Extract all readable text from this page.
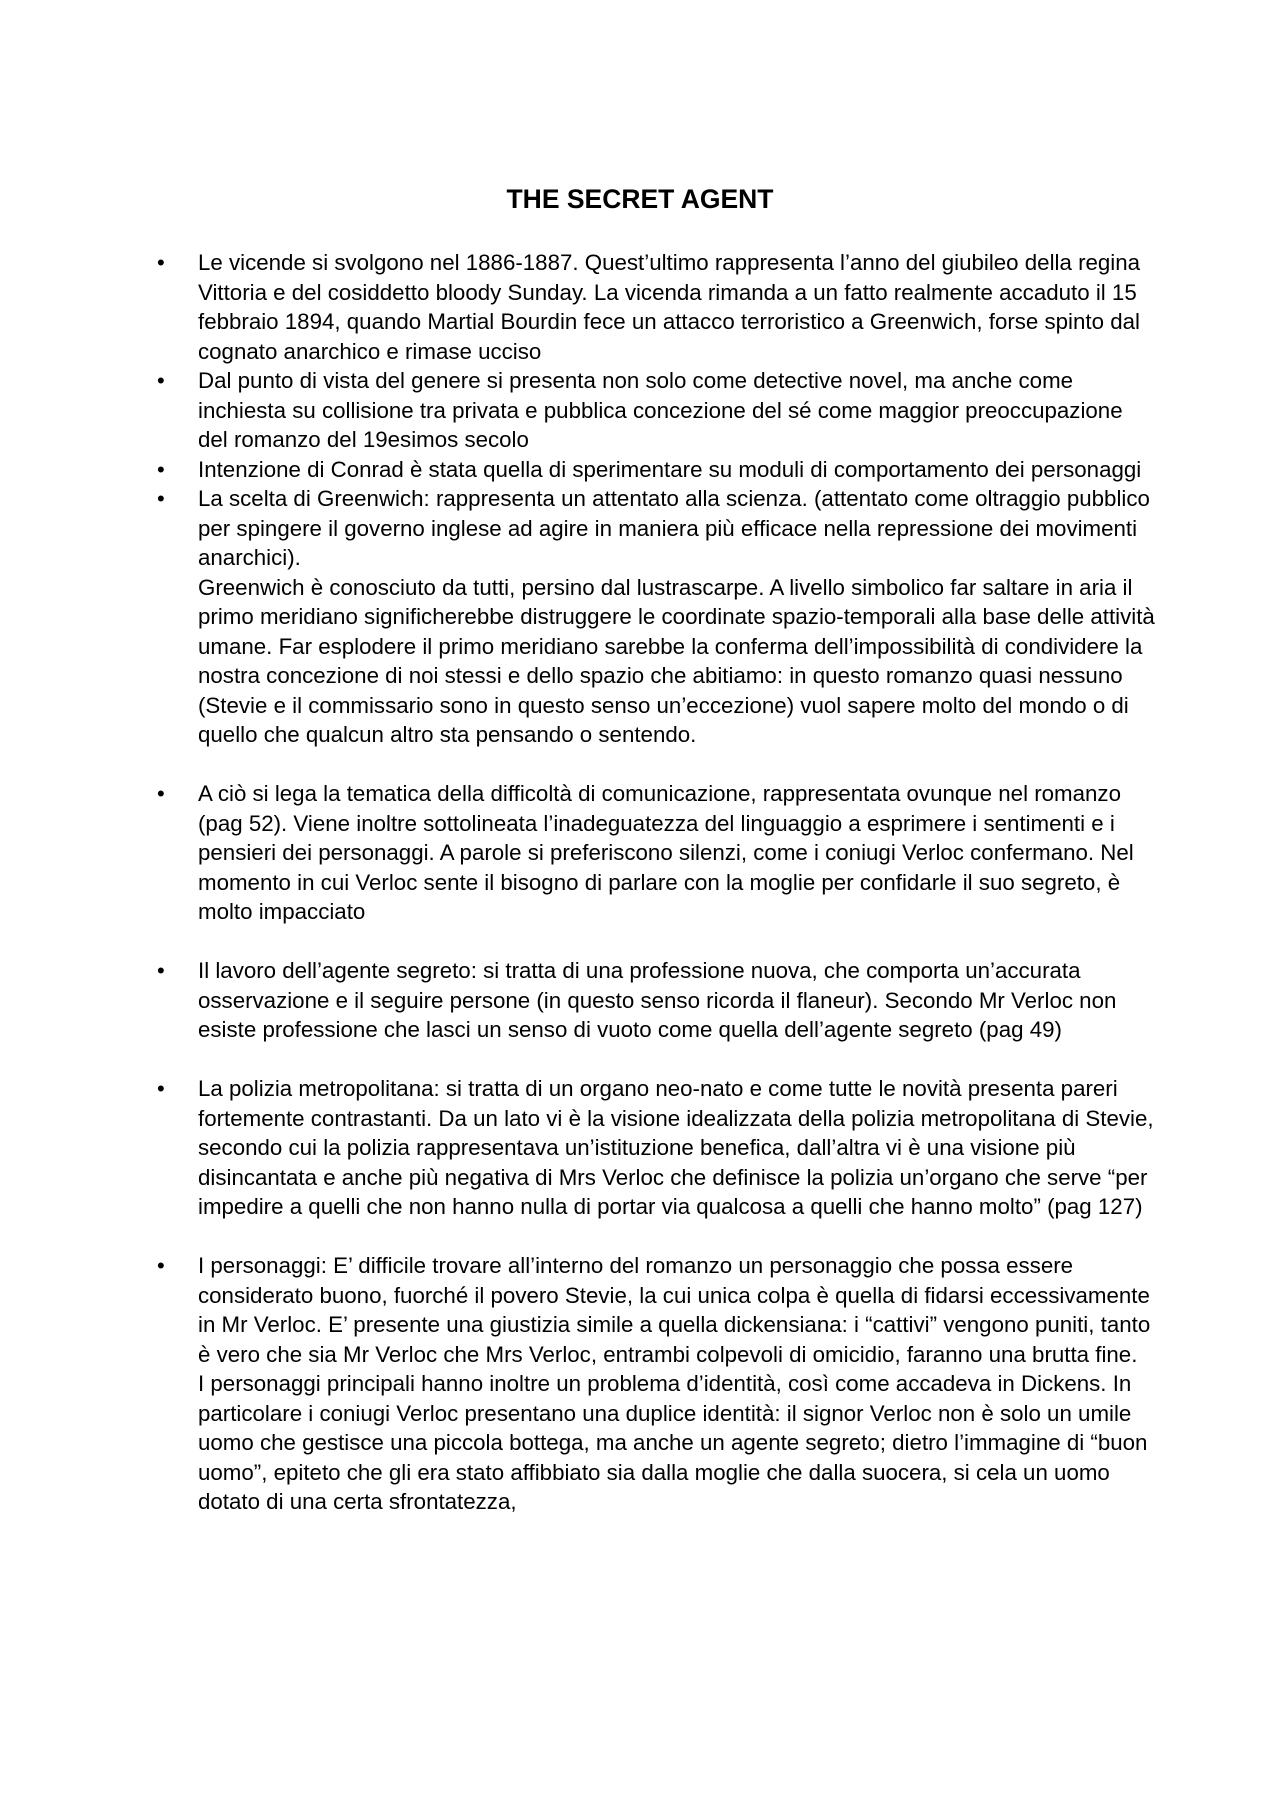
THE SECRET AGENT
• Le vicende si svolgono nel 1886-1887. Quest’ultimo rappresenta l’anno del giubileo della regina Vittoria e del cosiddetto bloody Sunday. La vicenda rimanda a un fatto realmente accaduto il 15 febbraio 1894, quando Martial Bourdin fece un attacco terroristico a Greenwich, forse spinto dal cognato anarchico e rimase ucciso
• Dal punto di vista del genere si presenta non solo come detective novel, ma anche come inchiesta su collisione tra privata e pubblica concezione del sé come maggior preoccupazione del romanzo del 19esimos secolo
• Intenzione di Conrad è stata quella di sperimentare su moduli di comportamento dei personaggi
• La scelta di Greenwich: rappresenta un attentato alla scienza. (attentato come oltraggio pubblico per spingere il governo inglese ad agire in maniera più efficace nella repressione dei movimenti anarchici).
Greenwich è conosciuto da tutti, persino dal lustrascarpe. A livello simbolico far saltare in aria il primo meridiano significherebbe distruggere le coordinate spazio-temporali alla base delle attività umane. Far esplodere il primo meridiano sarebbe la conferma dell’impossibilità di condividere la nostra concezione di noi stessi e dello spazio che abitiamo: in questo romanzo quasi nessuno (Stevie e il commissario sono in questo senso un’eccezione) vuol sapere molto del mondo o di quello che qualcun altro sta pensando o sentendo.
• A ciò si lega la tematica della difficoltà di comunicazione, rappresentata ovunque nel romanzo (pag 52). Viene inoltre sottolineata l’inadeguatezza del linguaggio a esprimere i sentimenti e i pensieri dei personaggi. A parole si preferiscono silenzi, come i coniugi Verloc confermano. Nel momento in cui Verloc sente il bisogno di parlare con la moglie per confidarle il suo segreto, è molto impacciato
• Il lavoro dell’agente segreto: si tratta di una professione nuova, che comporta un’accurata osservazione e il seguire persone (in questo senso ricorda il flaneur). Secondo Mr Verloc non esiste professione che lasci un senso di vuoto come quella dell’agente segreto (pag 49)
• La polizia metropolitana: si tratta di un organo neo-nato e come tutte le novità presenta pareri fortemente contrastanti. Da un lato vi è la visione idealizzata della polizia metropolitana di Stevie, secondo cui la polizia rappresentava un’istituzione benefica, dall’altra vi è una visione più disincantata e anche più negativa di Mrs Verloc che definisce la polizia un’organo che serve “per impedire a quelli che non hanno nulla di portar via qualcosa a quelli che hanno molto” (pag 127)
• I personaggi: E’ difficile trovare all’interno del romanzo un personaggio che possa essere considerato buono, fuorché il povero Stevie, la cui unica colpa è quella di fidarsi eccessivamente in Mr Verloc. E’ presente una giustizia simile a quella dickensiana: i “cattivi” vengono puniti, tanto è vero che sia Mr Verloc che Mrs Verloc, entrambi colpevoli di omicidio, faranno una brutta fine.
I personaggi principali hanno inoltre un problema d’identità, così come accadeva in Dickens. In particolare i coniugi Verloc presentano una duplice identità: il signor Verloc non è solo un umile uomo che gestisce una piccola bottega, ma anche un agente segreto; dietro l’immagine di “buon uomo”, epiteto che gli era stato affibbiato sia dalla moglie che dalla suocera, si cela un uomo dotato di una certa sfrontatezza,
